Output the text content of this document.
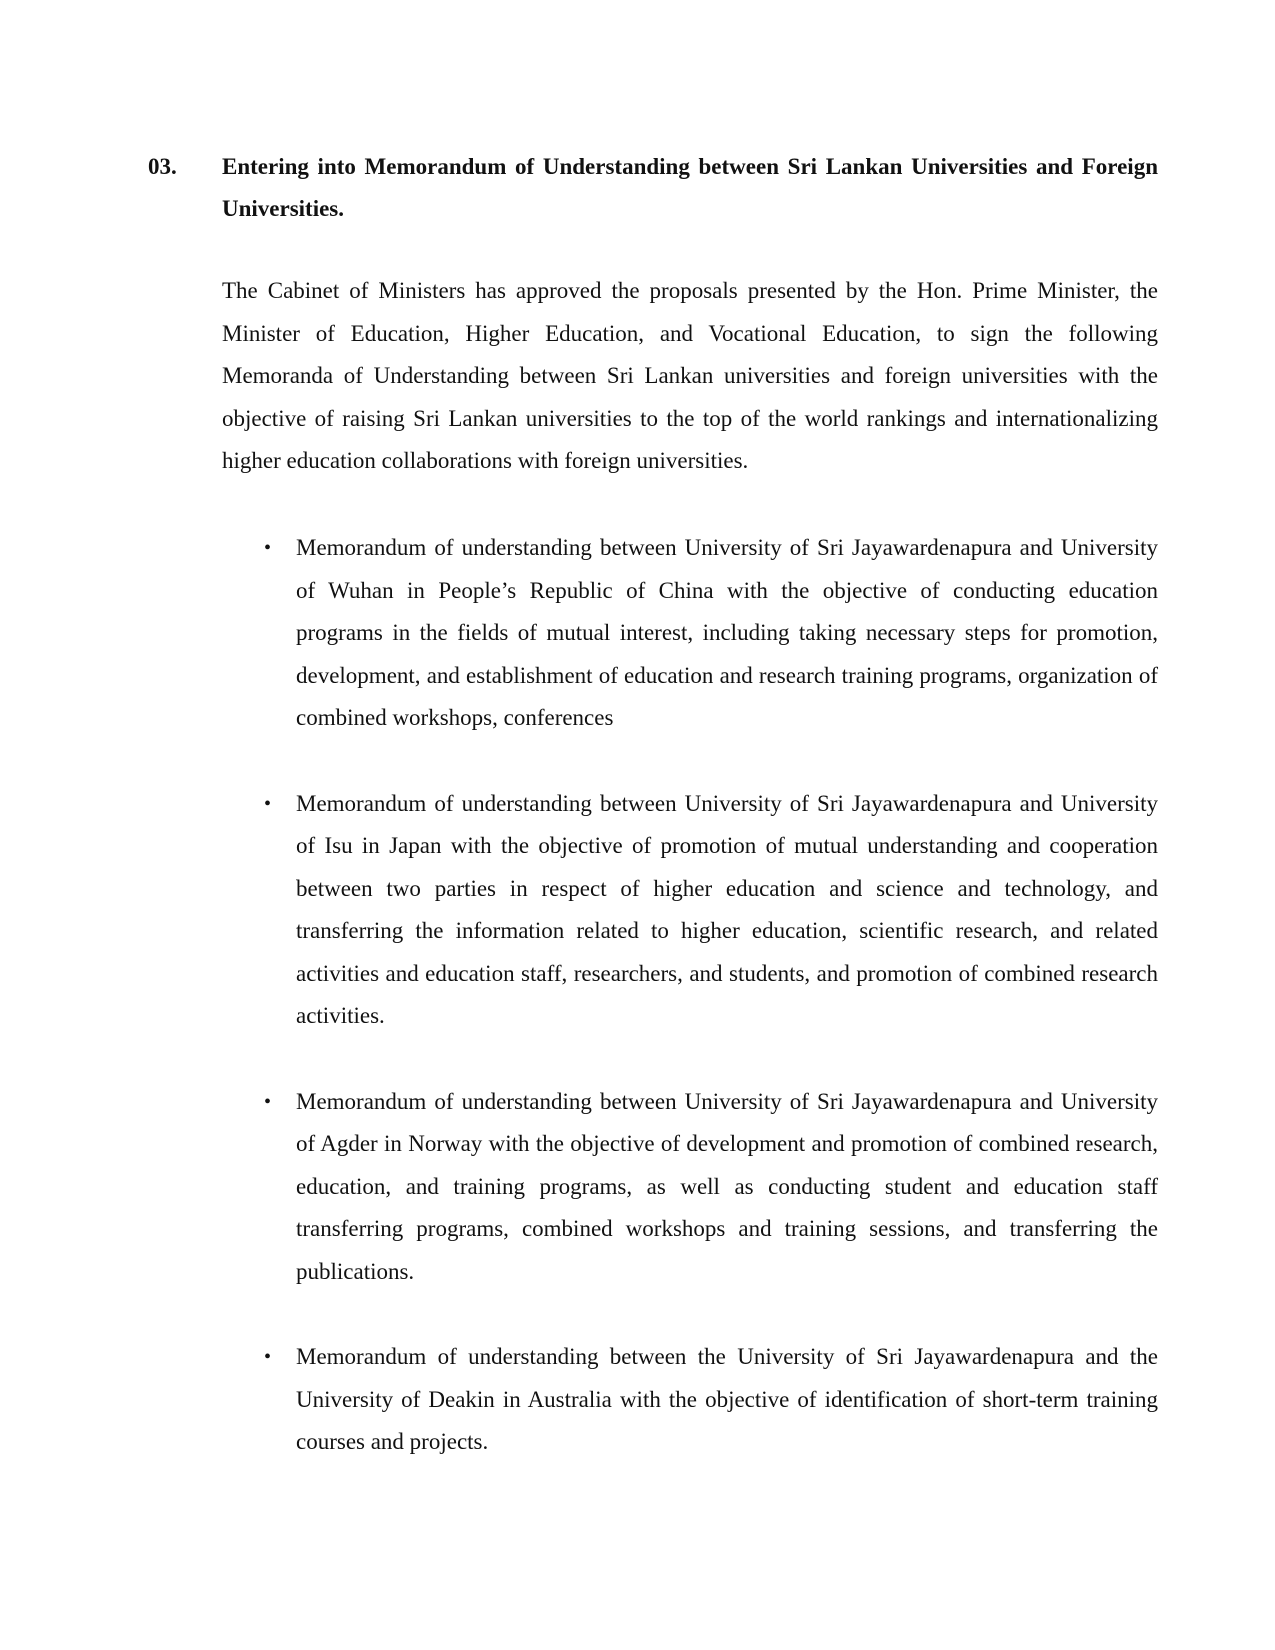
03. Entering into Memorandum of Understanding between Sri Lankan Universities and Foreign Universities.

The Cabinet of Ministers has approved the proposals presented by the Hon. Prime Minister, the Minister of Education, Higher Education, and Vocational Education, to sign the following Memoranda of Understanding between Sri Lankan universities and foreign universities with the objective of raising Sri Lankan universities to the top of the world rankings and internationalizing higher education collaborations with foreign universities.

• Memorandum of understanding between University of Sri Jayawardenapura and University of Wuhan in People’s Republic of China with the objective of conducting education programs in the fields of mutual interest, including taking necessary steps for promotion, development, and establishment of education and research training programs, organization of combined workshops, conferences
• Memorandum of understanding between University of Sri Jayawardenapura and University of Isu in Japan with the objective of promotion of mutual understanding and cooperation between two parties in respect of higher education and science and technology, and transferring the information related to higher education, scientific research, and related activities and education staff, researchers, and students, and promotion of combined research activities.
• Memorandum of understanding between University of Sri Jayawardenapura and University of Agder in Norway with the objective of development and promotion of combined research, education, and training programs, as well as conducting student and education staff transferring programs, combined workshops and training sessions, and transferring the publications.
• Memorandum of understanding between the University of Sri Jayawardenapura and the University of Deakin in Australia with the objective of identification of short-term training courses and projects.
